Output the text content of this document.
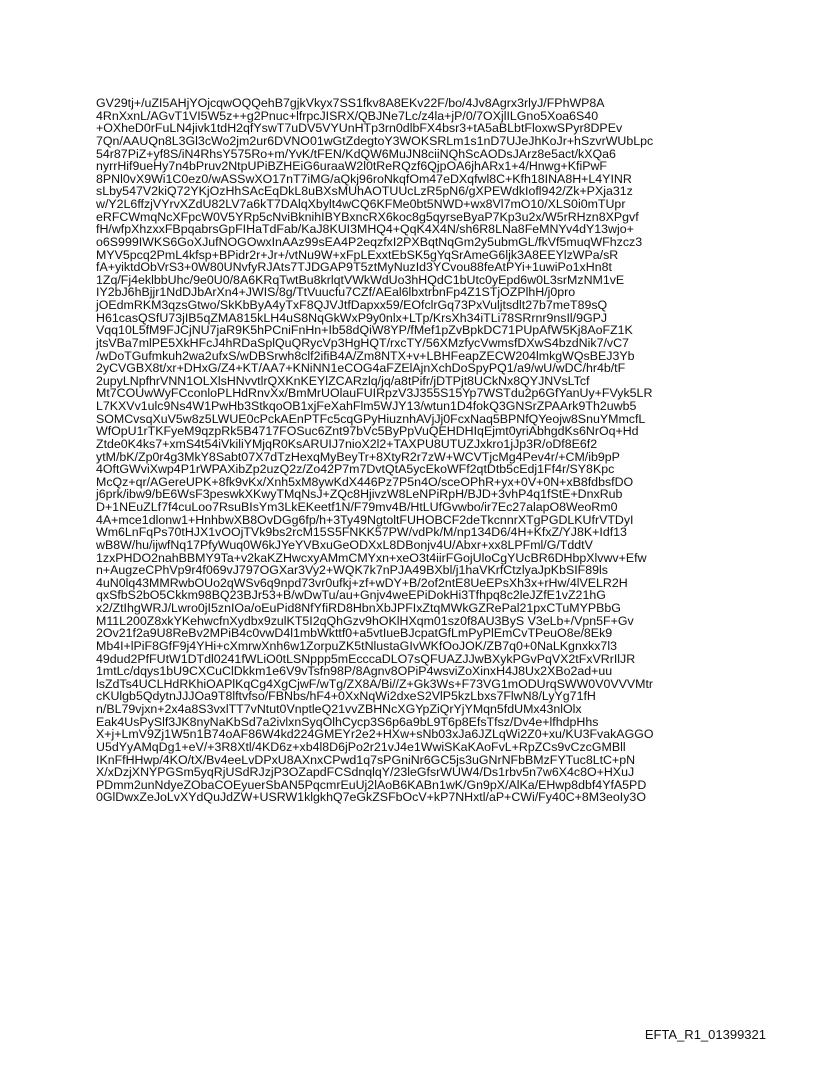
GV29tj+/uZI5AHjYOjcqwOQQehB7gjkVkyx7SS1fkv8A8EKv22F/bo/4Jv8Agrx3rlyJ/FPhWP8A
4RnXxnL/AGvT1VI5W5z++g2Pnuc+lfrpcJISRX/QBJNe7Lc/z4la+jP/0/7OXjlILGno5Xoa6S40
+OXheD0rFuLN4jivk1tdH2qfYswT7uDV5VYUnHTp3rn0dlbFX4bsr3+tA5aBLbtFloxwSPyr8DPEv
7Qn/AAUQn8L3Gl3cWo2jm2ur6DVNO01wGtZdegtoY3WOKSRLm1s1nD7UJeJhKoJr+hSzvrWUbLpc
54r87PiZ+yf8S/iN4RhsY575Ro+m/YvK/tFEN/KdQW6MuJN8ciiNQhScAODsJArz8e5act/kXQa6
nyrrHif9ueHy7n4bPruv2NtpUPiBZHEiG6uraaW2l0tReRQzf6QjpOA6jhARx1+4/Hnwg+KfiPwF
8PNl0vX9Wi1C0ez0/wASSwXO17nT7iMG/aQkj96roNkqfOm47eDXqfwl8C+Kfh18INA8H+L4YINR
sLby547V2kiQ72YKjOzHhSAcEqDkL8uBXsMUhAOTUUcLzR5pN6/gXPEWdkIofl942/Zk+PXja31z
w/Y2L6ffzjVYrvXZdU82LV7a6kT7DAlqXbylt4wCQ6KFMe0bt5NWD+wx8Vl7mO10/XLS0i0mTUpr
eRFCWmqNcXFpcW0V5YRp5cNviBknihIBYBxncRX6koc8g5qyrseByaP7Kp3u2x/W5rRHzn8XPgvf
fH/wfpXhzxxFBpqabrsGpFIHaTdFab/KaJ8KUI3MHQ4+QqK4X4N/sh6R8LNa8FeMNYv4dY13wjo+
o6S999IWKS6GoXJufNOGOwxInAAz99sEA4P2eqzfxI2PXBqtNqGm2y5ubmGL/fkVf5muqWFhzcz3
MYV5pcq2PmL4kfsp+BPidr2r+Jr+/vtNu9W+xFpLExxtEbSK5gYqSrAmeG6ljk3A8EEYlzWPa/sR
fA+yiktdObVrS3+0W80UNvfyRJAts7TJDGAP9T5ztMyNuzId3YCvou88feAtPYi+1uwiPo1xHn8t
1Zq/Fj4eklbbUhc/9e0U0/8A6KRqTwtBu8krlqtVWkWdUo3hHQdC1bUtc0yEpd6w0L3srMzNM1vE
IY2bJ6hBjjr1NdDJbArXn4+JWIS/8g/TtVuucfu7CZf/AEal6lbxtrbnFp4Z1STjOZPlhH/j0pro
jOEdmRKM3qzsGtwo/SkKbByA4yTxF8QJVJtfDapxx59/EOfclrGq73PxVuljtsdlt27b7meT89sQ
H61casQSfU73jIB5qZMA815kLH4uS8NqGkWxP9y0nlx+LTp/KrsXh34iTLi78SRrnr9nsIl/9GPJ
Vqq10L5fM9FJCjNU7jaR9K5hPCniFnHn+Ib58dQiW8YP/fMef1pZvBpkDC71PUpAfW5Kj8AoFZ1K
jtsVBa7mlPE5XkHFcJ4hRDaSplQuQRycVp3HgHQT/rxcTY/56XMzfycVwmsfDXwS4bzdNik7/vC7
/wDoTGufmkuh2wa2ufxS/wDBSrwh8clf2ifiB4A/Zm8NTX+v+LBHFeapZECW204lmkgWQsBEJ3Yb
2yCVGBX8t/xr+DHxG/Z4+KT/AA7+KNiNN1eCOG4aFZElAjnXchDoSpyPQ1/a9/wU/wDC/hr4b/tF
2upyLNpfhrVNN1OLXlsHNvvtlrQXKnKEYlZCARzlq/jq/a8tPifr/jDTPjt8UCkNx8QYJNVsLTcf
Mt7COUwWyFCconloPLHdRnvXx/BmMrUOlauFUIRpzV3J355S15Yp7WSTdu2p6GfYanUy+FVyk5LR
L7KXVv1ulc9Ns4W1PwHb3StkqoOB1xjFeXahFlm5WJY13/wtun1D4fokQ3GNSrZPAArk9Th2uwb5
SOMCvsqXuV5w8z5LWUE0cPckAEnPTFc5cqGPyHiuznhAVjJj0FcxNaq5BPNfQYeojw8SnuYMmcfL
WfOpU1rTKFyeM9qzpRk5B4717FOSuc6Znt97bVc5ByPpVuQEHDHIqEjmt0yriAbhgdKs6NrOq+Hd
Ztde0K4ks7+xmS4t54iVkiliYMjqR0KsARUIJ7nioX2l2+TAXPU8UTUZJxkro1jJp3R/oDf8E6f2
ytM/bK/Zp0r4g3MkY8Sabt07X7dTzHexqMyBeyTr+8XtyR2r7zW+WCVTjcMg4Pev4r/+CM/ib9pP
4OftGWviXwp4P1rWPAXibZp2uzQ2z/Zo42P7m7DvtQtA5ycEkoWFf2qtDtb5cEdj1Ff4r/SY8Kpc
McQz+qr/AGereUPK+8fk9vKx/Xnh5xM8ywKdX446Pz7P5n4O/sceOPhR+yx+0V+0N+xB8fdbsfDO
j6prk/ibw9/bE6WsF3peswkXKwyTMqNsJ+ZQc8HjivzW8LeNPiRpH/BJD+3vhP4q1fStE+DnxRub
D+1NEuZLf7f4cuLoo7RsuBIsYm3LkEKeetf1N/F79mv4B/HtLUfGvwbo/ir7Ec27alapO8WeoRm0
4A+mce1dlonw1+HnhbwXB8OvDGg6fp/h+3Ty49NgtoltFUHOBCF2deTkcnnrXTgPGDLKUfrVTDyI
Wm6LnFqPs70tHJX1vOOjTVk9bs2rcM15S5FNKK57PW/vdPk/M/np134D6/4H+KfxZ/YJ8K+Idf13
wB8W/hu/ijwfNq17PfyWuq0W6kJYeYVBxuGeODXxL8DBonjv4U/Abxr+xx8LPFml/G/TddtV
1zxPHDO2nahBBMY9Ta+v2kaKZHwcxyAMmCMYxn+xeO3t4iirFGojUloCgYUcBR6DHbpXlvwv+Efw
n+AugzeCPhVp9r4f069vJ797OGXar3Vy2+WQK7k7nPJA49BXbl/j1haVKrfCtzlyaJpKbSIF89ls
4uN0lq43MMRwbOUo2qWSv6q9npd73vr0ufkj+zf+wDY+B/2of2ntE8UeEPsXh3x+rHw/4lVELR2H
qxSfbS2bO5Ckkm98BQ23BJr53+B/wDwTu/au+Gnjv4weEPiDokHi3Tfhpq8c2leJZfE1vZ21hG
x2/ZtIhgWRJ/Lwro0jI5znIOa/oEuPid8NfYfiRD8HbnXbJPFIxZtqMWkGZRePal21pxCTuMYPBbG
M11L200Z8xkYKehwcfnXydbx9zulKT5I2qQhGzv9hOKlHXqm01sz0f8AU3ByS V3eLb+/Vpn5F+Gv
2Ov21f2a9U8ReBv2MPiB4c0vwD4l1mbWkttf0+a5vtIueBJcpatGfLmPyPlEmCvTPeuO8e/8Ek9
Mb4I+lPiF8GfF9j4YHi+cXmrwXnh6w1ZorpuZK5tNlustaGIvWKfOoJOK/ZB7q0+0NaLKgnxkx7l3
49dud2PfFUtW1DTdl0241fWLiO0tLSNppp5mEcccaDLO7sQFUAZJJwBXykPGvPqVX2tFxVRrIlJR
1mtLc/dqys1bU9CXCuClDkkm1e6V9vTsfn98P/8Agnv8OPiP4wsviZoXinxH4J8Ux2XBo2ad+uu
lsZdTs4UCLHdRKhiOAPlKqCg4XgCjwF/wTg/ZX8A/Bi//Z+Gk3Ws+F73VG1mODUrqSWW0V0VVVMtr
cKUlgb5QdytnJJJOa9T8lftvfso/FBNbs/hF4+0XxNqWi2dxeS2VlP5kzLbxs7FlwN8/LyYg71fH
n/BL79vjxn+2x4a8S3vxlTT7vNtut0VnptleQ21vvZBHNcXGYpZiQrYjYMqn5fdUMx43nlOlx
Eak4UsPySlf3JK8nyNaKbSd7a2ivlxnSyqOlhCycp3S6p6a9bL9T6p8EfsTfsz/Dv4e+lfhdpHhs
X+j+LmV9Zj1W5n1B74oAF86W4kd224GMEYr2e2+HXw+sNb03xJa6JZLqWi2Z0+xu/KU3FvakAGGO
U5dYyAMqDg1+eV/+3R8Xtl/4KD6z+xb4l8D6jPo2r21vJ4e1WwiSKaKAoFvL+RpZCs9vCzcGMBll
IKnFfHHwp/4KO/tX/Bv4eeLvDPxU8AXnxCPwd1q7sPGniNr6GC5js3uGNrNFbBMzFYTuc8LtC+pN
X/xDzjXNYPGSm5yqRjUSdRJzjP3OZapdFCSdnqlqY/23leGfsrWUW4/Ds1rbv5n7w6X4c8O+HXuJ
PDmm2unNdyeZObaCOEyuerSbAN5PqcmrEuUj2lAoB6KABn1wK/Gn9pX/AlKa/EHwp8dbf4YfA5PD
0GlDwxZeJoLvXYdQuJdZW+USRW1klgkhQ7eGkZSFbOcV+kP7NHxtl/aP+CWi/Fy40C+8M3eoIy3O
EFTA_R1_01399321
